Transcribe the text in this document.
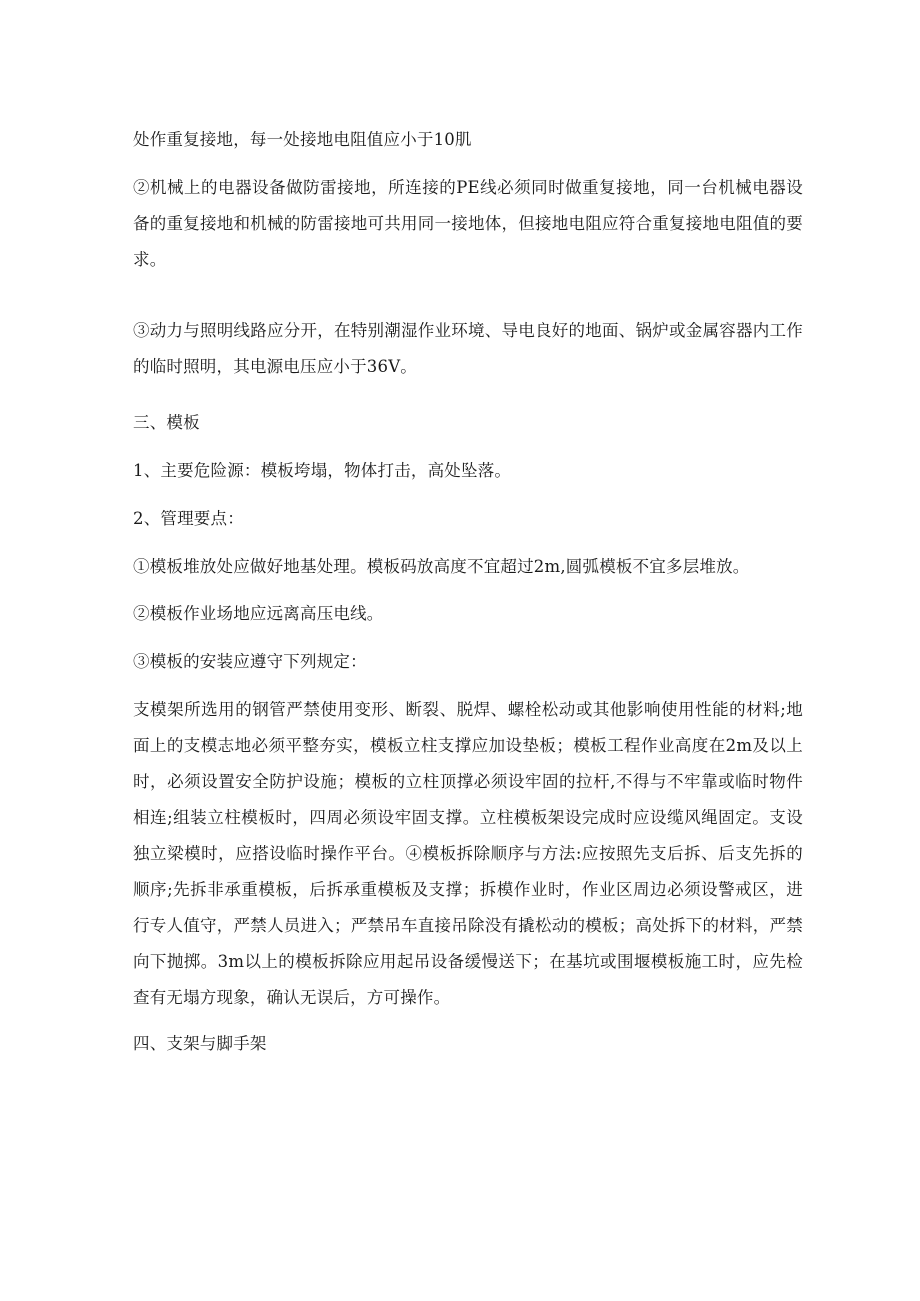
处作重复接地，每一处接地电阻值应小于10肌

②机械上的电器设备做防雷接地，所连接的PE线必须同时做重复接地，同一台机械电器设
备的重复接地和机械的防雷接地可共用同一接地体，但接地电阻应符合重复接地电阻值的要
求。

③动力与照明线路应分开，在特别潮湿作业环境、导电良好的地面、锅炉或金属容器内工作
的临时照明，其电源电压应小于36V。

三、模板

1、主要危险源：模板垮塌，物体打击，高处坠落。

2、管理要点：

①模板堆放处应做好地基处理。模板码放高度不宜超过2m,圆弧模板不宜多层堆放。

②模板作业场地应远离高压电线。

③模板的安装应遵守下列规定：

支模架所选用的钢管严禁使用变形、断裂、脱焊、螺栓松动或其他影响使用性能的材料;地
面上的支模志地必须平整夯实，模板立柱支撑应加设垫板；模板工程作业高度在2m及以上
时，必须设置安全防护设施；模板的立柱顶撑必须设牢固的拉杆,不得与不牢靠或临时物件
相连;组装立柱模板时，四周必须设牢固支撑。立柱模板架设完成时应设缆风绳固定。支设
独立梁模时，应搭设临时操作平台。④模板拆除顺序与方法:应按照先支后拆、后支先拆的
顺序;先拆非承重模板，后拆承重模板及支撑；拆模作业时，作业区周边必须设警戒区，进
行专人值守，严禁人员进入；严禁吊车直接吊除没有撬松动的模板；高处拆下的材料，严禁
向下抛掷。3m以上的模板拆除应用起吊设备缓慢送下；在基坑或围堰模板施工时，应先检
查有无塌方现象，确认无误后，方可操作。

四、支架与脚手架
